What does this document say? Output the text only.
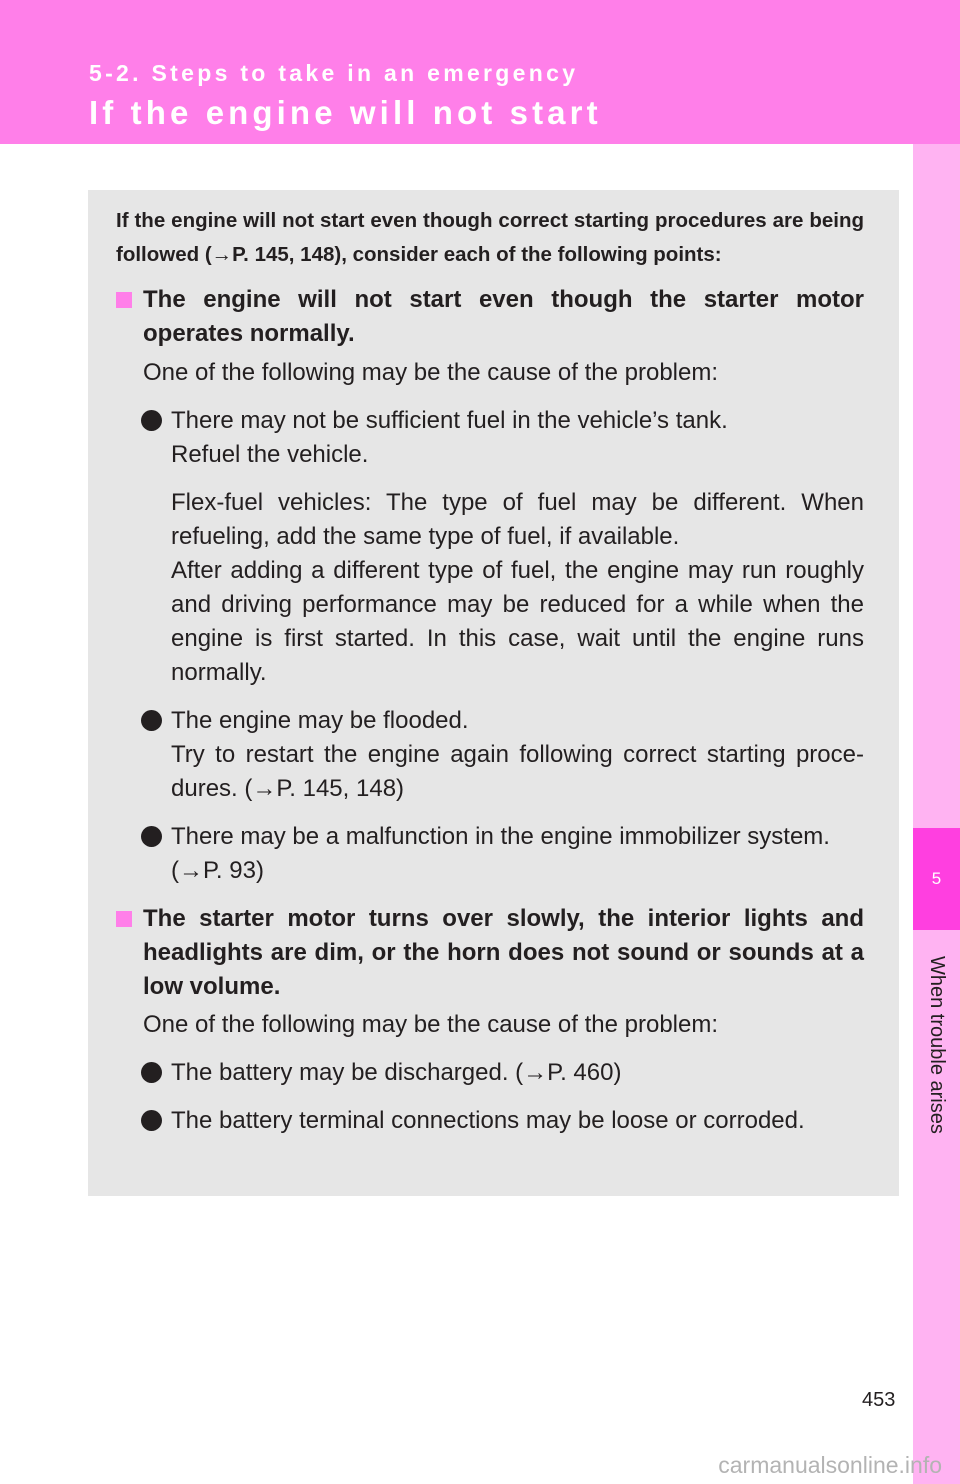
5-2. Steps to take in an emergency

If the engine will not start
5
When trouble arises

If the engine will not start even though correct starting procedures are being followed (→P. 145, 148), consider each of the following points:

The engine will not start even though the starter motor operates normally.

One of the following may be the cause of the problem:

There may not be sufficient fuel in the vehicle’s tank.

Refuel the vehicle.

Flex-fuel vehicles: The type of fuel may be different. When refueling, add the same type of fuel, if available.

After adding a different type of fuel, the engine may run roughly and driving performance may be reduced for a while when the engine is first started. In this case, wait until the engine runs normally.

The engine may be flooded.

Try to restart the engine again following correct starting proce-dures. (→P. 145, 148)

There may be a malfunction in the engine immobilizer system.

(→P. 93)

The starter motor turns over slowly, the interior lights and headlights are dim, or the horn does not sound or sounds at a low volume.

One of the following may be the cause of the problem:

The battery may be discharged. (→P. 460)

The battery terminal connections may be loose or corroded.

453
carmanualsonline.info
